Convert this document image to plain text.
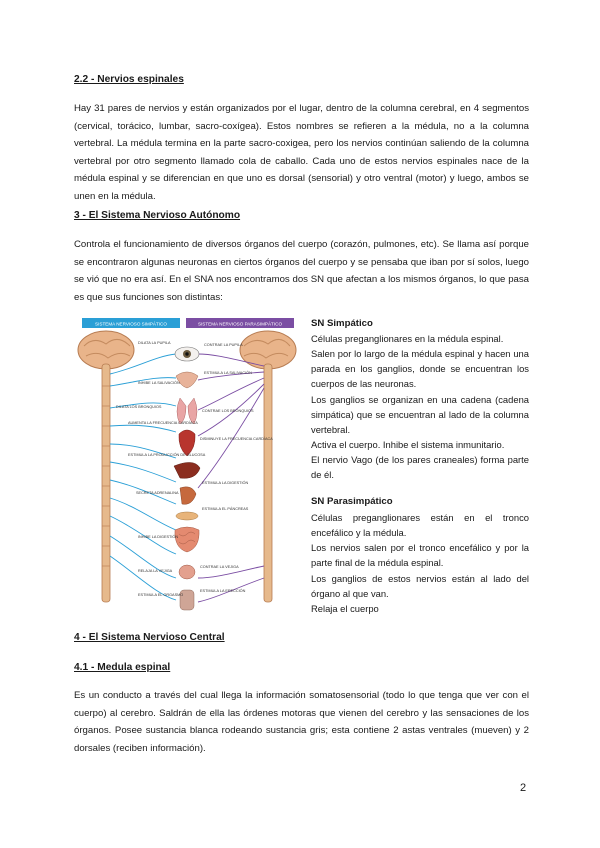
2.2 - Nervios espinales

Hay 31 pares de nervios y están organizados por el lugar, dentro de la columna cerebral, en 4 segmentos (cervical, torácico, lumbar, sacro-coxígea). Estos nombres se refieren a la médula, no a la columna vertebral. La médula termina en la parte sacro-coxigea, pero los nervios continúan saliendo de la columna vertebral por otro segmento llamado cola de caballo. Cada uno de estos nervios espinales nace de la médula espinal y se diferencian en que uno es dorsal (sensorial) y otro ventral (motor) y luego, ambos se unen en la médula.

3 - El Sistema Nervioso Autónomo

Controla el funcionamiento de diversos órganos del cuerpo (corazón, pulmones, etc). Se llama así porque se encontraron algunas neuronas en ciertos órganos del cuerpo y se pensaba que iban por sí solos, luego se vió que no era así. En el SNA nos encontramos dos SN que afectan a los mismos órganos, lo que pasa es que sus funciones son distintas:

SISTEMA NERVIOSO SIMPÁTICO	SISTEMA NERVIOSO PARASIMPÁTICO
DILATA LA PUPILA
INHIBE LA SALIVACIÓN
DILATA LOS BRONQUIOS
AUMENTA LA FRECUENCIA CARDÍACA
ESTIMULA LA PRODUCCIÓN DE GLUCOSA
SECRETA ADRENALINA
INHIBE LA DIGESTIÓN
RELAJA LA VEJIGA
ESTIMULA EL ORGASMO
CONTRAE LA PUPILA
ESTIMULA LA SALIVACIÓN
CONTRAE LOS BRONQUIOS
DISMINUYE LA FRECUENCIA CARDÍACA
ESTIMULA LA DIGESTIÓN
ESTIMULA EL PÁNCREAS
CONTRAE LA VEJIGA
ESTIMULA LA ERECCIÓN
SN Simpático

Células preganglionares en la médula espinal.

Salen por lo largo de la médula espinal y hacen una parada en los ganglios, donde se encuentran los cuerpos de las neuronas.

Los ganglios se organizan en una cadena (cadena simpática) que se encuentran al lado de la columna vertebral.

Activa el cuerpo. Inhibe el sistema inmunitario.

El nervio Vago (de los pares craneales) forma parte de él.

SN Parasimpático

Células preganglionares están en el tronco encefálico y la médula.

Los nervios salen por el tronco encefálico y por la parte final de la médula espinal.

Los ganglios de estos nervios están al lado del órgano al que van.

Relaja el cuerpo

4 - El Sistema Nervioso Central
4.1 - Medula espinal

Es un conducto a través del cual llega la información somatosensorial (todo lo que tenga que ver con el cuerpo) al cerebro. Saldrán de ella las órdenes motoras que vienen del cerebro y las sensaciones de los órganos. Posee sustancia blanca rodeando sustancia gris; esta contiene 2 astas ventrales (mueven) y 2 dorsales (reciben información).

2
